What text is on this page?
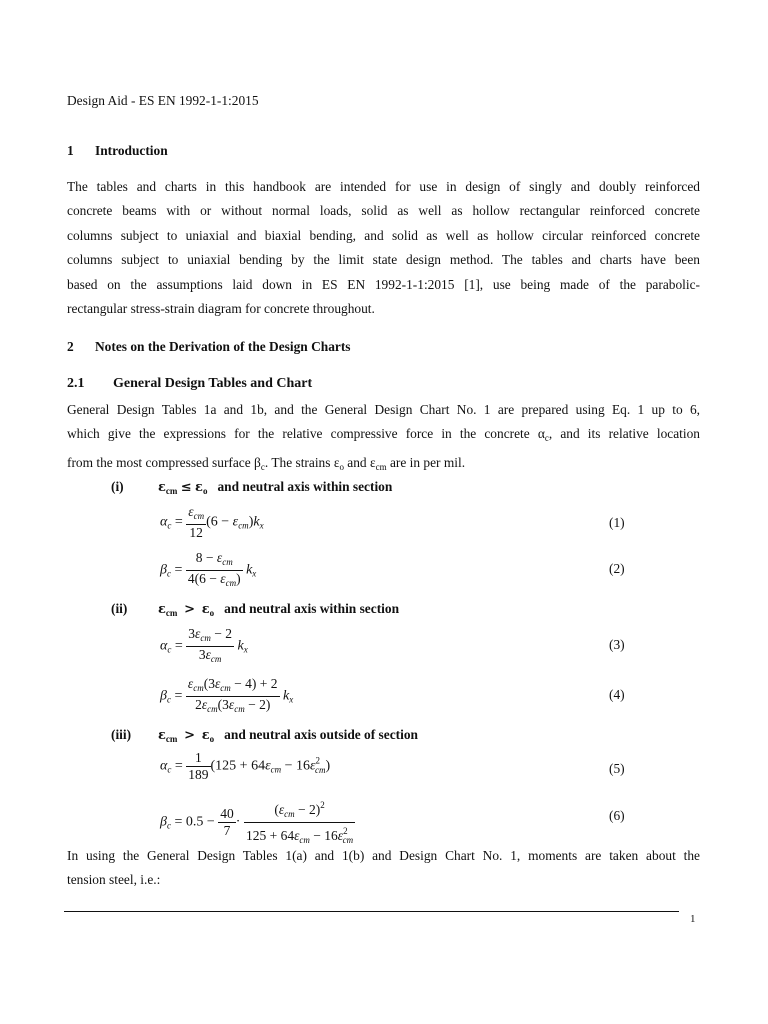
Design Aid - ES EN 1992-1-1:2015
1 Introduction
The tables and charts in this handbook are intended for use in design of singly and doubly reinforced
concrete beams with or without normal loads, solid as well as hollow rectangular reinforced concrete
columns subject to uniaxial and biaxial bending, and solid as well as hollow circular reinforced concrete
columns subject to uniaxial bending by the limit state design method. The tables and charts have been
based on the assumptions laid down in ES EN 1992-1-1:2015 [1], use being made of the parabolic-
rectangular stress-strain diagram for concrete throughout.
2 Notes on the Derivation of the Design Charts
2.1 General Design Tables and Chart
General Design Tables 1a and 1b, and the General Design Chart No. 1 are prepared using Eq. 1 up to 6,
which give the expressions for the relative compressive force in the concrete $\alpha_c$, and its relative location
from the most compressed surface $\beta_c$. The strains $\varepsilon_o$ and $\varepsilon_{cm}$ are in per mil.
(i)	$\varepsilon_{cm} \le \varepsilon_o$ and neutral axis within section
$\alpha_c = \frac{\varepsilon_{cm}}{12} (6 - \varepsilon_{cm})k_x$	(1)
$\beta_c = \frac{8 - \varepsilon_{cm}}{4(6 - \varepsilon_{cm})} k_x$	(2)
(ii) $\varepsilon_{cm} > \varepsilon_o$ and neutral axis within section
$\alpha_c = \frac{3\varepsilon_{cm} - 2}{3\varepsilon_{cm}} k_x$	(3)
$\beta_c = \frac{\varepsilon_{cm}(3\varepsilon_{cm} - 4) + 2}{2\varepsilon_{cm}(3\varepsilon_{cm} - 2)} k_x$	(4)
(iii) $\varepsilon_{cm} > \varepsilon_o$ and neutral axis outside of section
$\alpha_c = \frac{1}{189} (125 + 64\varepsilon_{cm} - 16\varepsilon^2_{cm})$	(5)
$\beta_c = 0.5 - \frac{40}{7} \cdot \frac{(\varepsilon_{cm} - 2)^2}{125 + 64\varepsilon_{cm} - 16\varepsilon^2_{cm}}$	(6)
In using the General Design Tables 1(a) and 1(b) and Design Chart No. 1, moments are taken about the
tension steel, i.e.:
1
